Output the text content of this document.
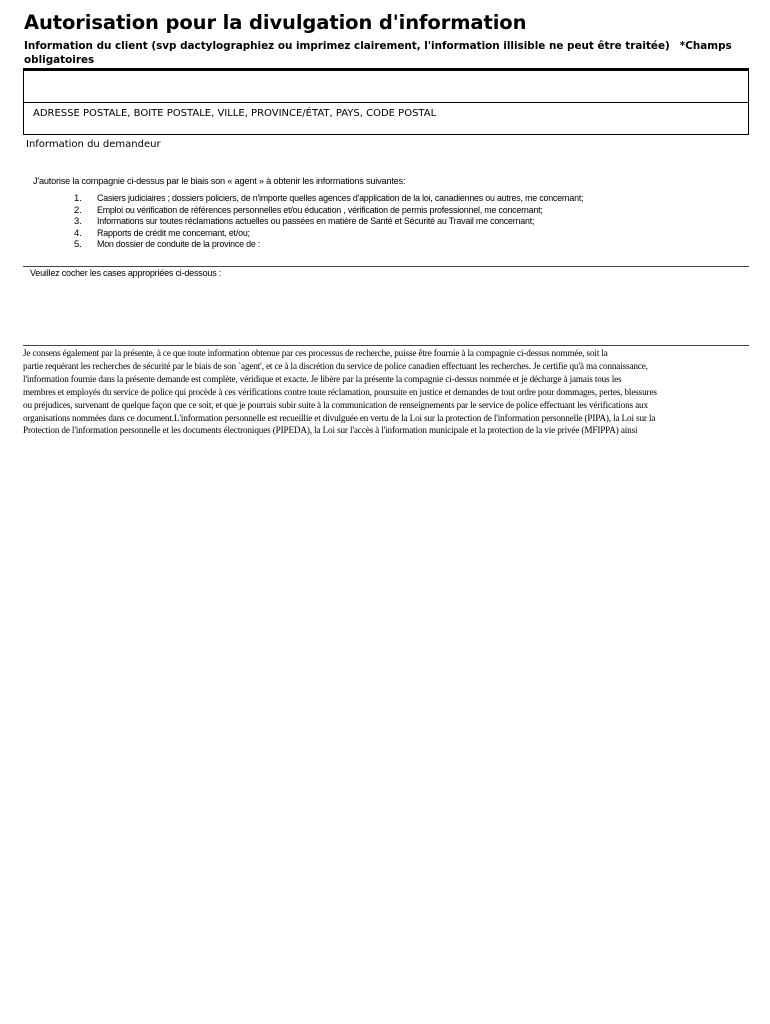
Autorisation pour la divulgation d'information
Information du client (svp dactylographiez ou imprimez clairement, l'information illisible ne peut être traitée) *Champs obligatoires
ADRESSE POSTALE, BOITE POSTALE, VILLE, PROVINCE/ÉTAT, PAYS, CODE POSTAL
Information du demandeur
J'autorise la compagnie ci-dessus par le biais son « agent » à obtenir les informations suivantes:
1.	Casiers judiciaires ; dossiers policiers, de n'importe quelles agences d'application de la loi, canadiennes ou autres, me concernant;
2.	Emploi ou vérification de références personnelles et/ou éducation , vérification de permis professionnel, me concernant;
3.	Informations sur toutes réclamations actuelles ou passées en matière de Santé et Sécurité au Travail me concernant;
4.	Rapports de crédit me concernant, et/ou;
5.	Mon dossier de conduite de la province de :
Veuillez cocher les cases appropriées ci-dessous :
Je consens également par la présente, à ce que toute information obtenue par ces processus de recherche, puisse être fournie à la compagnie ci-dessus nommée, soit la
partie requérant les recherches de sécurité par le biais de son `agent', et ce à la discrétion du service de police canadien effectuant les recherches. Je certifie qu'à ma connaissance,
l'information fournie dans la présente demande est complète, véridique et exacte. Je libère par la présente la compagnie ci-dessus nommée et je décharge à jamais tous les
membres et employés du service de police qui procède à ces vérifications contre toute réclamation, poursuite en justice et demandes de tout ordre pour dommages, pertes, blessures
ou préjudices, survenant de quelque façon que ce soit, et que je pourrais subir suite à la communication de renseignements par le service de police effectuant les vérifications aux
organisations nommées dans ce document.L'information personnelle est recueillie et divulguée en vertu de la Loi sur la protection de l'information personnelle (PIPA), la Loi sur la
Protection de l'information personnelle et les documents électroniques (PIPEDA), la Loi sur l'accès à l'information municipale et la protection de la vie privée (MFIPPA) ainsi
